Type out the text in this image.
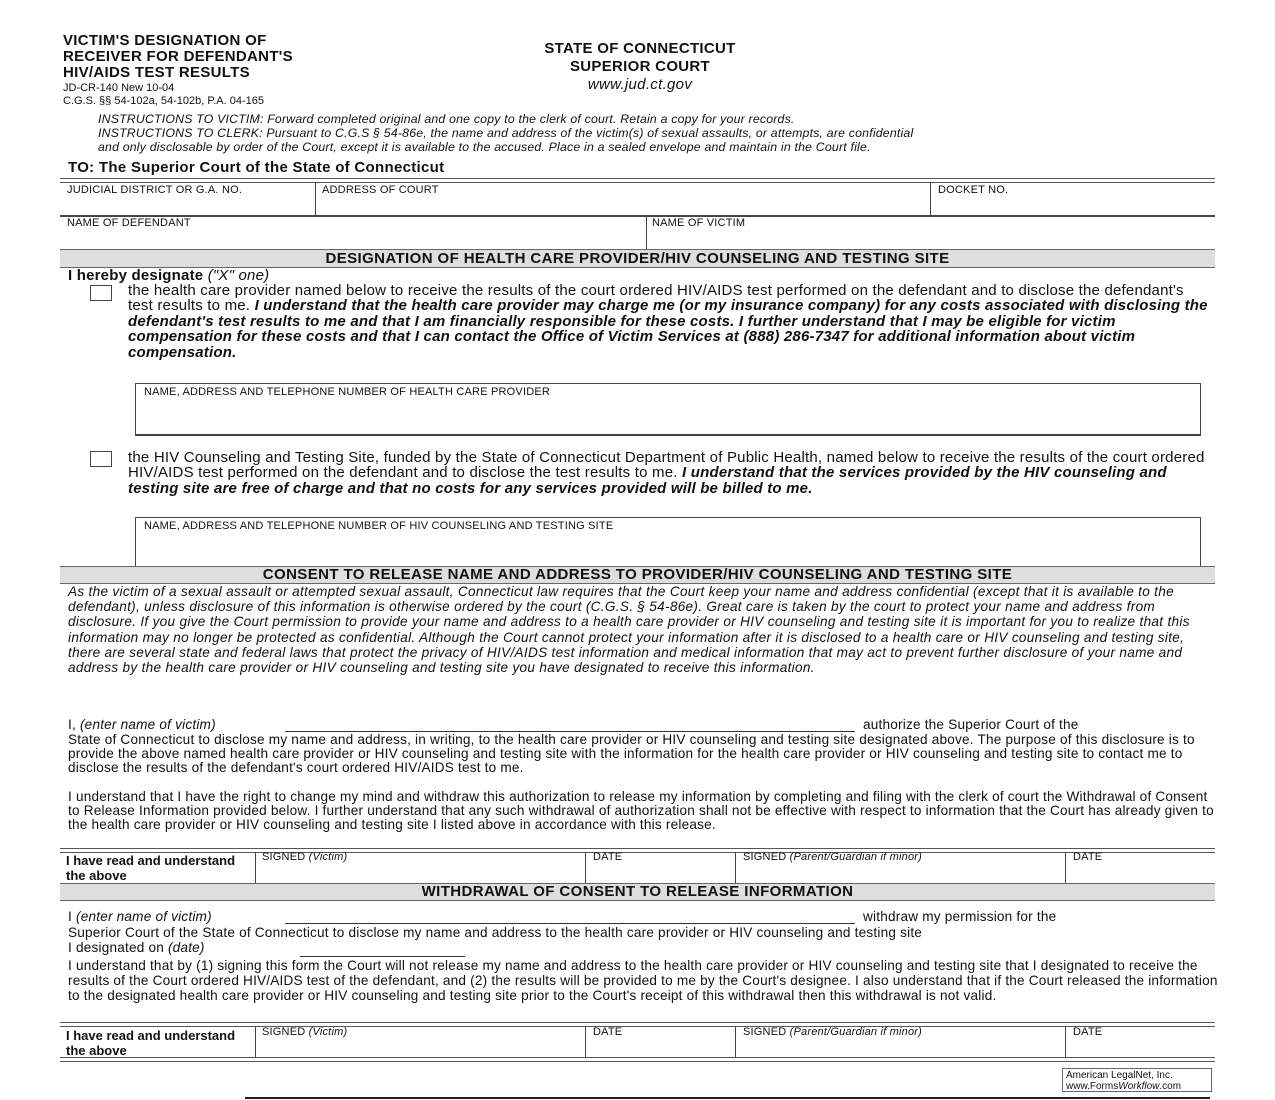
VICTIM'S DESIGNATION OF
RECEIVER FOR DEFENDANT'S
HIV/AIDS TEST RESULTS
JD-CR-140 New 10-04
C.G.S. §§ 54-102a, 54-102b, P.A. 04-165
STATE OF CONNECTICUT
SUPERIOR COURT
www.jud.ct.gov
INSTRUCTIONS TO VICTIM: Forward completed original and one copy to the clerk of court. Retain a copy for your records.
INSTRUCTIONS TO CLERK: Pursuant to C.G.S § 54-86e, the name and address of the victim(s) of sexual assaults, or attempts, are confidential
and only disclosable by order of the Court, except it is available to the accused. Place in a sealed envelope and maintain in the Court file.
TO: The Superior Court of the State of Connecticut
JUDICIAL DISTRICT OR G.A. NO.	ADDRESS OF COURT	DOCKET NO.
NAME OF DEFENDANT	NAME OF VICTIM
DESIGNATION OF HEALTH CARE PROVIDER/HIV COUNSELING AND TESTING SITE
I hereby designate ("X" one)
the health care provider named below to receive the results of the court ordered HIV/AIDS test performed on the defendant and to disclose the defendant's test results to me. I understand that the health care provider may charge me (or my insurance company) for any costs associated with disclosing the defendant's test results to me and that I am financially responsible for these costs. I further understand that I may be eligible for victim compensation for these costs and that I can contact the Office of Victim Services at (888) 286-7347 for additional information about victim compensation.
NAME, ADDRESS AND TELEPHONE NUMBER OF HEALTH CARE PROVIDER
the HIV Counseling and Testing Site, funded by the State of Connecticut Department of Public Health, named below to receive the results of the court ordered HIV/AIDS test performed on the defendant and to disclose the test results to me. I understand that the services provided by the HIV counseling and testing site are free of charge and that no costs for any services provided will be billed to me.
NAME, ADDRESS AND TELEPHONE NUMBER OF HIV COUNSELING AND TESTING SITE
CONSENT TO RELEASE NAME AND ADDRESS TO PROVIDER/HIV COUNSELING AND TESTING SITE
As the victim of a sexual assault or attempted sexual assault, Connecticut law requires that the Court keep your name and address confidential (except that it is available to the defendant), unless disclosure of this information is otherwise ordered by the court (C.G.S. § 54-86e). Great care is taken by the court to protect your name and address from disclosure. If you give the Court permission to provide your name and address to a health care provider or HIV counseling and testing site it is important for you to realize that this information may no longer be protected as confidential. Although the Court cannot protect your information after it is disclosed to a health care or HIV counseling and testing site, there are several state and federal laws that protect the privacy of HIV/AIDS test information and medical information that may act to prevent further disclosure of your name and address by the health care provider or HIV counseling and testing site you have designated to receive this information.
I, (enter name of victim)	authorize the Superior Court of the
State of Connecticut to disclose my name and address, in writing, to the health care provider or HIV counseling and testing site designated above. The purpose of this disclosure is to provide the above named health care provider or HIV counseling and testing site with the information for the health care provider or HIV counseling and testing site to contact me to disclose the results of the defendant's court ordered HIV/AIDS test to me.
I understand that I have the right to change my mind and withdraw this authorization to release my information by completing and filing with the clerk of court the Withdrawal of Consent to Release Information provided below. I further understand that any such withdrawal of authorization shall not be effective with respect to information that the Court has already given to the health care provider or HIV counseling and testing site I listed above in accordance with this release.
I have read and understand the above
SIGNED (Victim)	DATE	SIGNED (Parent/Guardian if minor)	DATE
WITHDRAWAL OF CONSENT TO RELEASE INFORMATION
I (enter name of victim)	withdraw my permission for the
Superior Court of the State of Connecticut to disclose my name and address to the health care provider or HIV counseling and testing site
I designated on (date)
I understand that by (1) signing this form the Court will not release my name and address to the health care provider or HIV counseling and testing site that I designated to receive the results of the Court ordered HIV/AIDS test of the defendant, and (2) the results will be provided to me by the Court's designee. I also understand that if the Court released the information to the designated health care provider or HIV counseling and testing site prior to the Court's receipt of this withdrawal then this withdrawal is not valid.
I have read and understand the above
SIGNED (Victim)	DATE	SIGNED (Parent/Guardian if minor)	DATE
American LegalNet, Inc.
www.FormsWorkflow.com
